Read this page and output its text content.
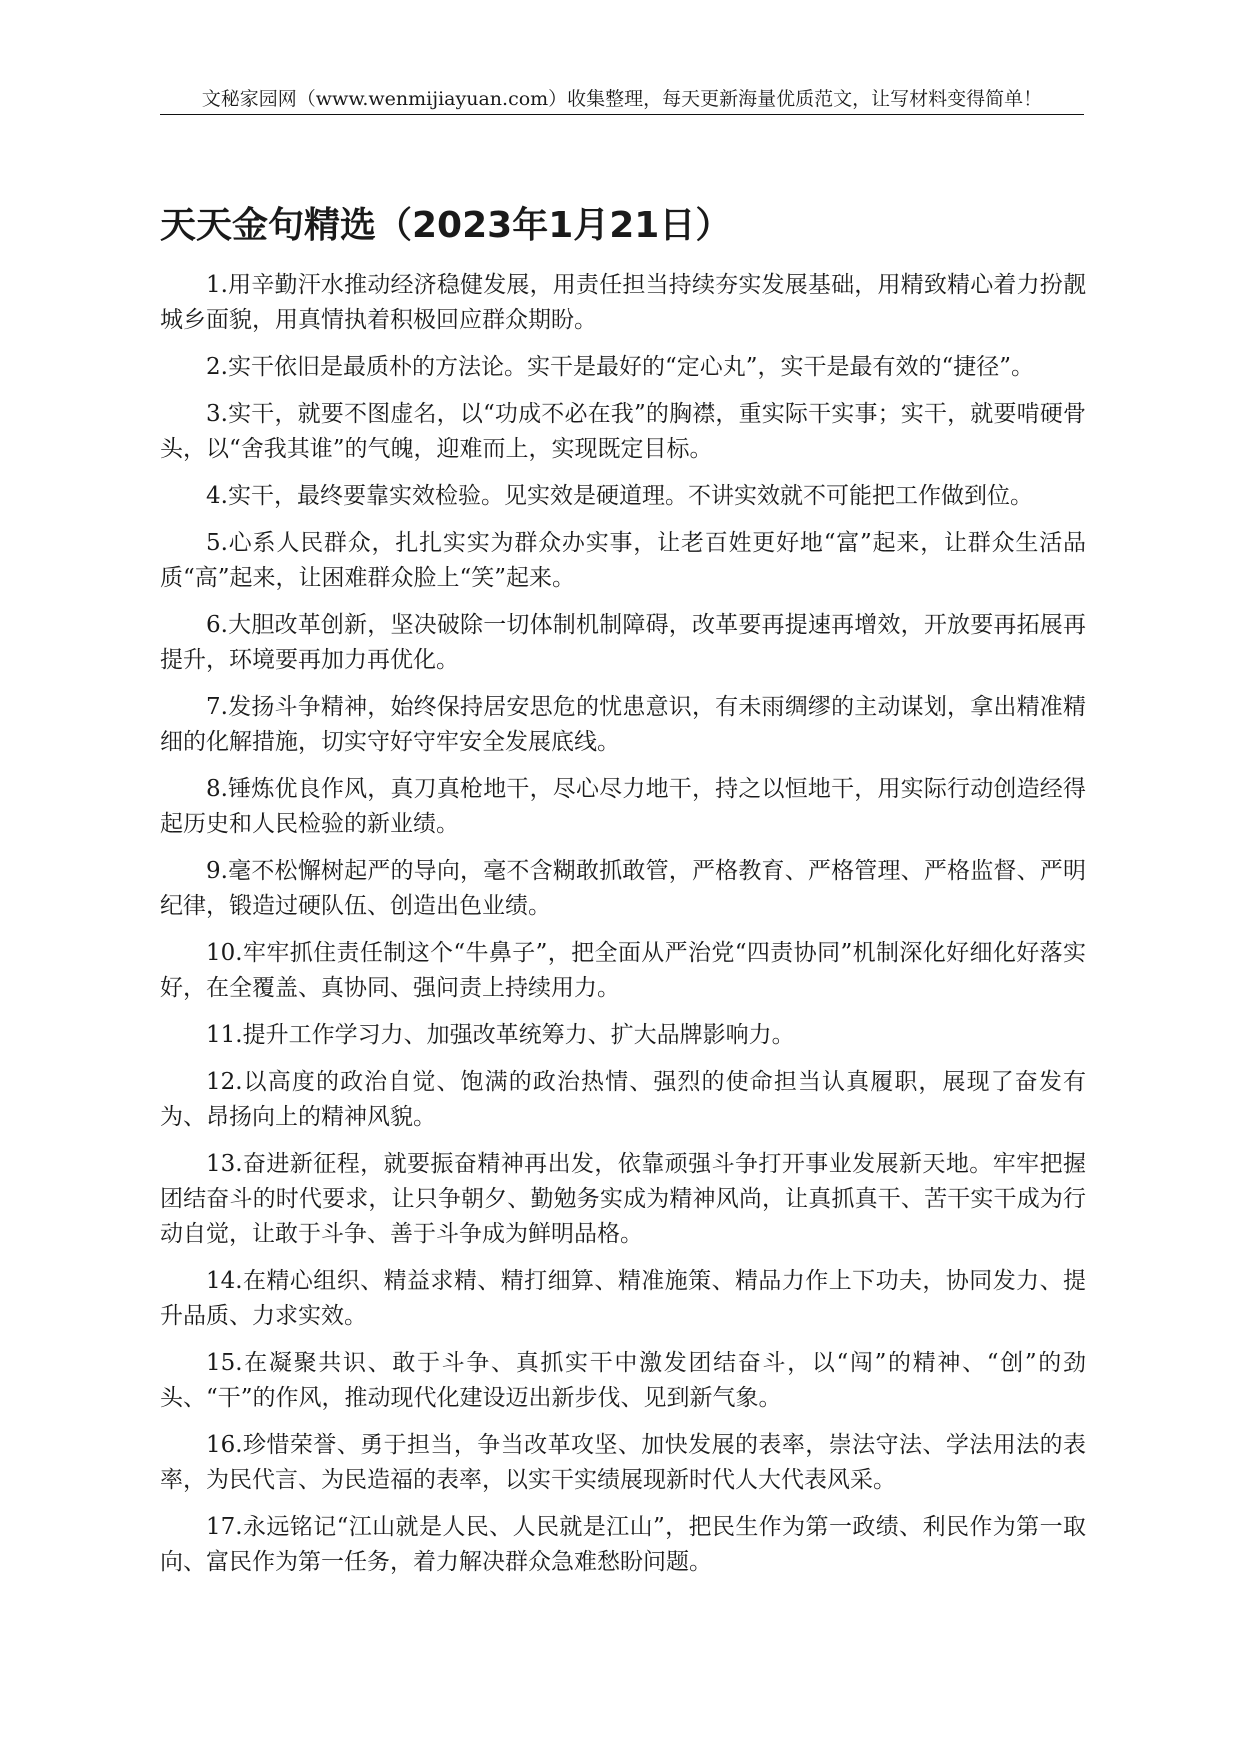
文秘家园网（www.wenmijiayuan.com）收集整理，每天更新海量优质范文，让写材料变得简单！
天天金句精选（2023年1月21日）

1.用辛勤汗水推动经济稳健发展，用责任担当持续夯实发展基础，用精致精心着力扮靓城乡面貌，用真情执着积极回应群众期盼。

2.实干依旧是最质朴的方法论。实干是最好的“定心丸”，实干是最有效的“捷径”。

3.实干，就要不图虚名，以“功成不必在我”的胸襟，重实际干实事；实干，就要啃硬骨头，以“舍我其谁”的气魄，迎难而上，实现既定目标。

4.实干，最终要靠实效检验。见实效是硬道理。不讲实效就不可能把工作做到位。

5.心系人民群众，扎扎实实为群众办实事，让老百姓更好地“富”起来，让群众生活品质“高”起来，让困难群众脸上“笑”起来。

6.大胆改革创新，坚决破除一切体制机制障碍，改革要再提速再增效，开放要再拓展再提升，环境要再加力再优化。

7.发扬斗争精神，始终保持居安思危的忧患意识，有未雨绸缪的主动谋划，拿出精准精细的化解措施，切实守好守牢安全发展底线。

8.锤炼优良作风，真刀真枪地干，尽心尽力地干，持之以恒地干，用实际行动创造经得起历史和人民检验的新业绩。

9.毫不松懈树起严的导向，毫不含糊敢抓敢管，严格教育、严格管理、严格监督、严明纪律，锻造过硬队伍、创造出色业绩。

10.牢牢抓住责任制这个“牛鼻子”，把全面从严治党“四责协同”机制深化好细化好落实好，在全覆盖、真协同、强问责上持续用力。

11.提升工作学习力、加强改革统筹力、扩大品牌影响力。

12.以高度的政治自觉、饱满的政治热情、强烈的使命担当认真履职，展现了奋发有为、昂扬向上的精神风貌。

13.奋进新征程，就要振奋精神再出发，依靠顽强斗争打开事业发展新天地。牢牢把握团结奋斗的时代要求，让只争朝夕、勤勉务实成为精神风尚，让真抓真干、苦干实干成为行动自觉，让敢于斗争、善于斗争成为鲜明品格。

14.在精心组织、精益求精、精打细算、精准施策、精品力作上下功夫，协同发力、提升品质、力求实效。

15.在凝聚共识、敢于斗争、真抓实干中激发团结奋斗，以“闯”的精神、“创”的劲头、“干”的作风，推动现代化建设迈出新步伐、见到新气象。

16.珍惜荣誉、勇于担当，争当改革攻坚、加快发展的表率，崇法守法、学法用法的表率，为民代言、为民造福的表率，以实干实绩展现新时代人大代表风采。

17.永远铭记“江山就是人民、人民就是江山”，把民生作为第一政绩、利民作为第一取向、富民作为第一任务，着力解决群众急难愁盼问题。
